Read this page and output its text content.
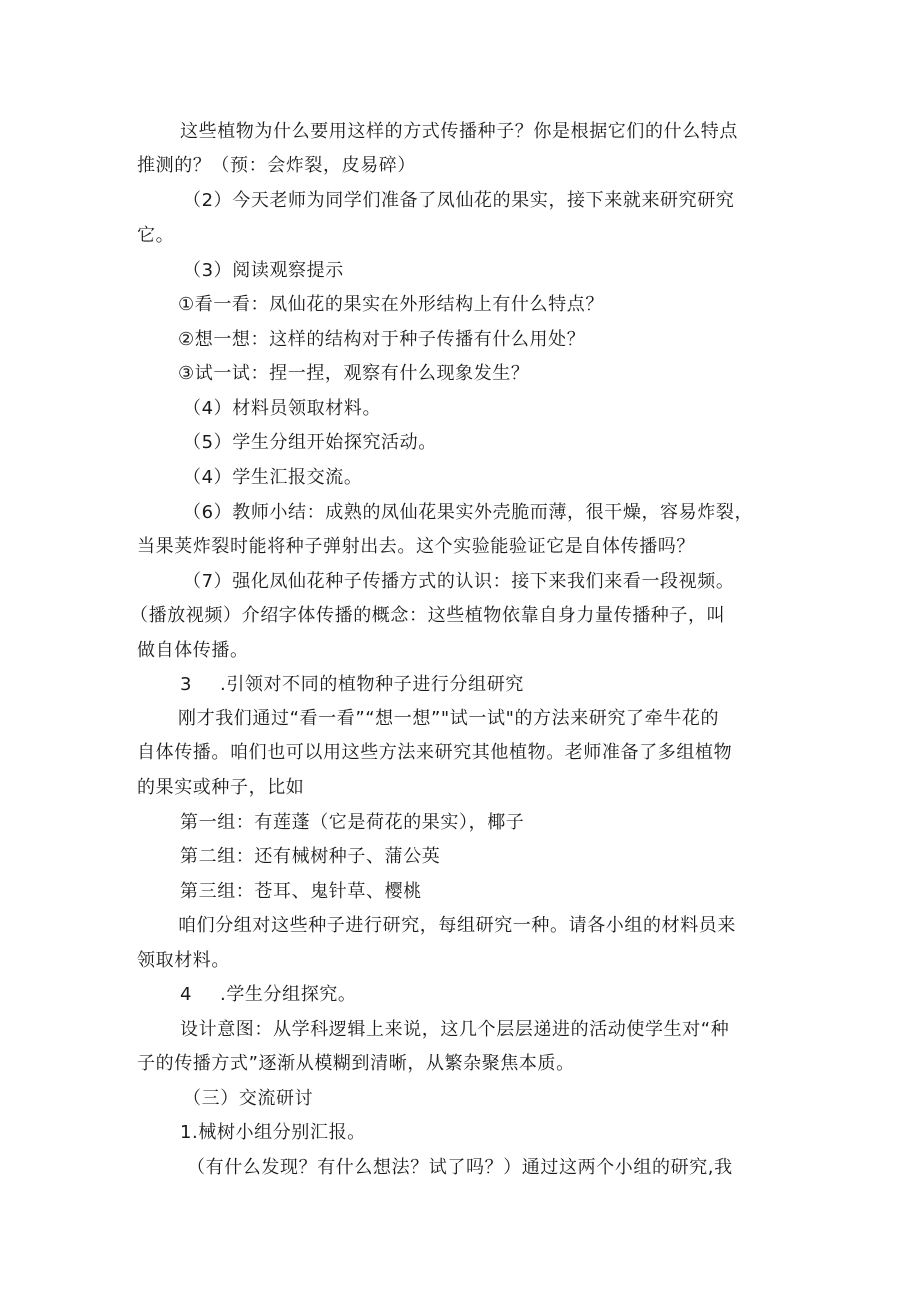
这些植物为什么要用这样的方式传播种子？你是根据它们的什么特点
推测的？（预：会炸裂，皮易碎）
（2）今天老师为同学们准备了凤仙花的果实，接下来就来研究研究
它。
（3）阅读观察提示
①看一看：凤仙花的果实在外形结构上有什么特点？
②想一想：这样的结构对于种子传播有什么用处？
③试一试：捏一捏，观察有什么现象发生？
（4）材料员领取材料。
（5）学生分组开始探究活动。
（4）学生汇报交流。
（6）教师小结：成熟的凤仙花果实外壳脆而薄，很干燥，容易炸裂，
当果荚炸裂时能将种子弹射出去。这个实验能验证它是自体传播吗？
（7）强化凤仙花种子传播方式的认识：接下来我们来看一段视频。
（播放视频）介绍字体传播的概念：这些植物依靠自身力量传播种子，叫
做自体传播。
3 .引领对不同的植物种子进行分组研究
刚才我们通过“看一看”“想一想”"试一试"的方法来研究了牵牛花的
自体传播。咱们也可以用这些方法来研究其他植物。老师准备了多组植物
的果实或种子，比如
第一组：有莲蓬（它是荷花的果实），椰子
第二组：还有械树种子、蒲公英
第三组：苍耳、鬼针草、樱桃
咱们分组对这些种子进行研究，每组研究一种。请各小组的材料员来
领取材料。
4 .学生分组探究。
设计意图：从学科逻辑上来说，这几个层层递进的活动使学生对“种
子的传播方式”逐渐从模糊到清晰，从繁杂聚焦本质。
（三）交流研讨
1.械树小组分别汇报。
（有什么发现？有什么想法？试了吗？）通过这两个小组的研究,我
